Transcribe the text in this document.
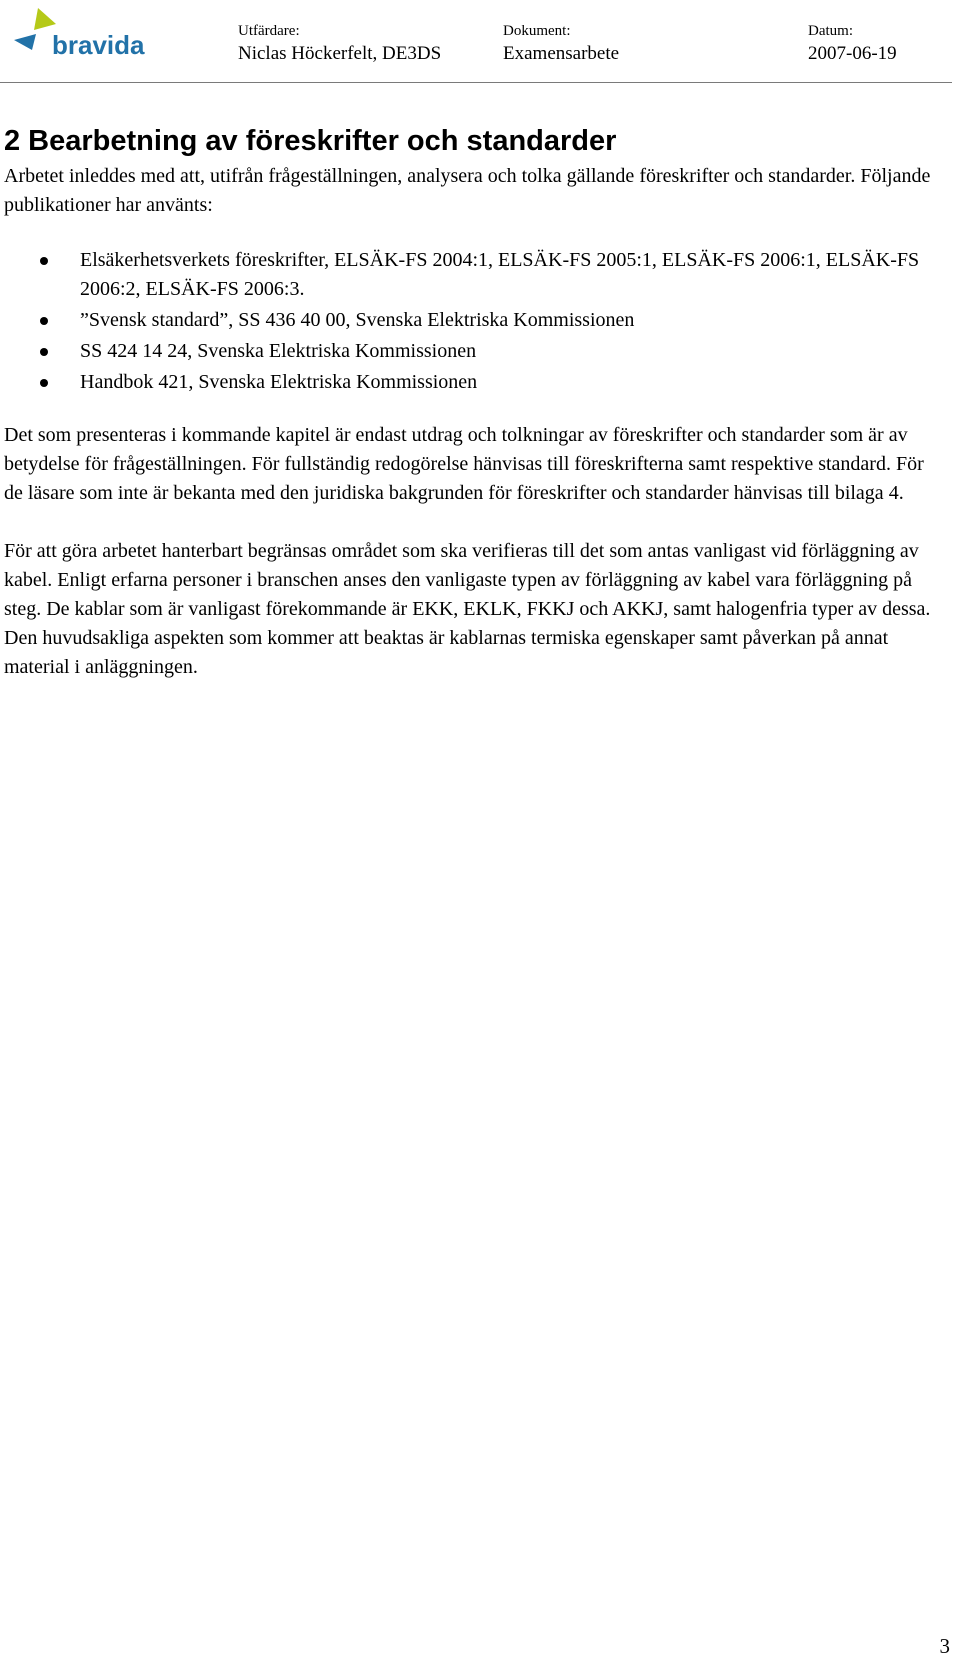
bravida	Utfärdare:
Niclas Höckerfelt, DE3DS
Dokument:
Examensarbete
Datum:
2007-06-19
2 Bearbetning av föreskrifter och standarder

Arbetet inleddes med att, utifrån frågeställningen, analysera och tolka gällande föreskrifter och standarder. Följande publikationer har använts:

Elsäkerhetsverkets föreskrifter, ELSÄK-FS 2004:1, ELSÄK-FS 2005:1, ELSÄK-FS 2006:1, ELSÄK-FS 2006:2, ELSÄK-FS 2006:3.
”Svensk standard”, SS 436 40 00, Svenska Elektriska Kommissionen
SS 424 14 24, Svenska Elektriska Kommissionen
Handbok 421, Svenska Elektriska Kommissionen

Det som presenteras i kommande kapitel är endast utdrag och tolkningar av föreskrifter och standarder som är av betydelse för frågeställningen. För fullständig redogörelse hänvisas till föreskrifterna samt respektive standard. För de läsare som inte är bekanta med den juridiska bakgrunden för föreskrifter och standarder hänvisas till bilaga 4.

För att göra arbetet hanterbart begränsas området som ska verifieras till det som antas vanligast vid förläggning av kabel. Enligt erfarna personer i branschen anses den vanligaste typen av förläggning av kabel vara förläggning på steg. De kablar som är vanligast förekommande är EKK, EKLK, FKKJ och AKKJ, samt halogenfria typer av dessa. Den huvudsakliga aspekten som kommer att beaktas är kablarnas termiska egenskaper samt påverkan på annat material i anläggningen.

3
